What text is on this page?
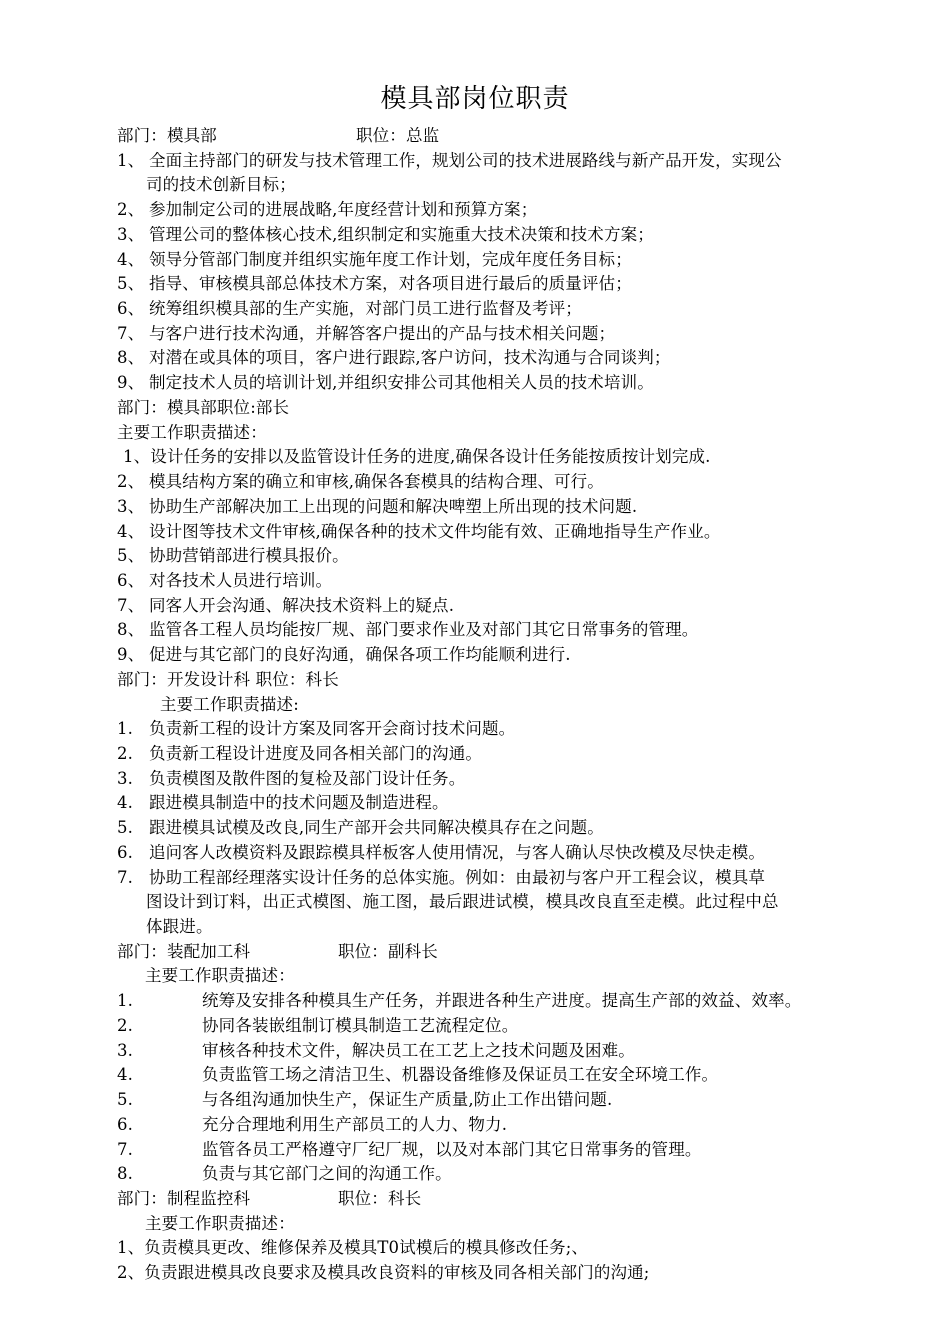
模具部岗位职责
部门：模具部	职位：总监
1、 全面主持部门的研发与技术管理工作，规划公司的技术进展路线与新产品开发，实现公
司的技术创新目标；
2、 参加制定公司的进展战略,年度经营计划和预算方案；
3、 管理公司的整体核心技术,组织制定和实施重大技术决策和技术方案；
4、 领导分管部门制度并组织实施年度工作计划，完成年度任务目标；
5、 指导、审核模具部总体技术方案，对各项目进行最后的质量评估；
6、 统筹组织模具部的生产实施，对部门员工进行监督及考评；
7、 与客户进行技术沟通，并解答客户提出的产品与技术相关问题；
8、 对潜在或具体的项目，客户进行跟踪,客户访问，技术沟通与合同谈判；
9、 制定技术人员的培训计划,并组织安排公司其他相关人员的技术培训。
部门：模具部职位:部长
主要工作职责描述：
1、设计任务的安排以及监管设计任务的进度,确保各设计任务能按质按计划完成.
2、 模具结构方案的确立和审核,确保各套模具的结构合理、可行。
3、 协助生产部解决加工上出现的问题和解决啤塑上所出现的技术问题.
4、 设计图等技术文件审核,确保各种的技术文件均能有效、正确地指导生产作业。
5、 协助营销部进行模具报价。
6、 对各技术人员进行培训。
7、 同客人开会沟通、解决技术资料上的疑点.
8、 监管各工程人员均能按厂规、部门要求作业及对部门其它日常事务的管理。
9、 促进与其它部门的良好沟通，确保各项工作均能顺利进行.
部门：开发设计科 职位：科长
主要工作职责描述:
1. 负责新工程的设计方案及同客开会商讨技术问题。
2. 负责新工程设计进度及同各相关部门的沟通。
3. 负责模图及散件图的复检及部门设计任务。
4. 跟进模具制造中的技术问题及制造进程。
5. 跟进模具试模及改良,同生产部开会共同解决模具存在之问题。
6. 追问客人改模资料及跟踪模具样板客人使用情况，与客人确认尽快改模及尽快走模。
7. 协助工程部经理落实设计任务的总体实施。例如：由最初与客户开工程会议，模具草
图设计到订料，出正式模图、施工图，最后跟进试模，模具改良直至走模。此过程中总
体跟进。
部门：装配加工科	职位：副科长
主要工作职责描述：
1.	统筹及安排各种模具生产任务，并跟进各种生产进度。提高生产部的效益、效率。
2.	协同各装嵌组制订模具制造工艺流程定位。
3.	审核各种技术文件，解决员工在工艺上之技术问题及困难。
4.	负责监管工场之清洁卫生、机器设备维修及保证员工在安全环境工作。
5.	与各组沟通加快生产，保证生产质量,防止工作出错问题.
6.	充分合理地利用生产部员工的人力、物力.
7.	监管各员工严格遵守厂纪厂规，以及对本部门其它日常事务的管理。
8.	负责与其它部门之间的沟通工作。
部门：制程监控科	职位：科长
主要工作职责描述：
1、负责模具更改、维修保养及模具T0试模后的模具修改任务;、
2、负责跟进模具改良要求及模具改良资料的审核及同各相关部门的沟通;
